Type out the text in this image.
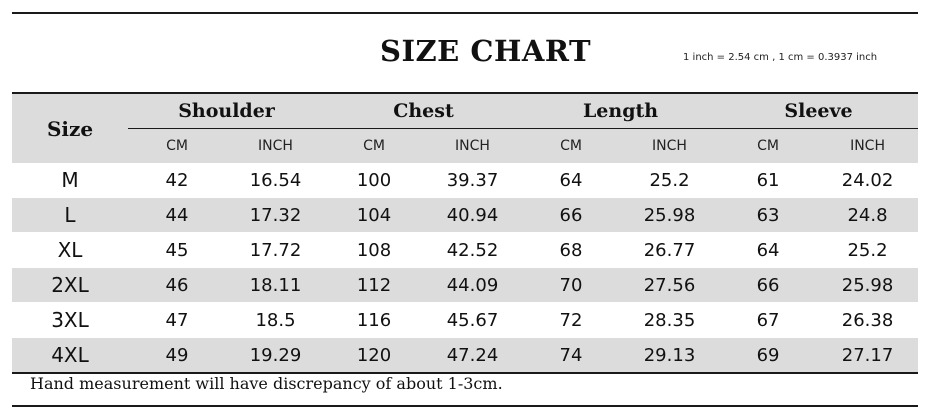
SIZE CHART	1 inch = 2.54 cm , 1 cm = 0.3937 inch
Size	Shoulder		Chest		Length		Sleeve	
	CM	INCH	CM	INCH	CM	INCH	CM	INCH
M	42	16.54	100	39.37	64	25.2	61	24.02
L	44	17.32	104	40.94	66	25.98	63	24.8
XL	45	17.72	108	42.52	68	26.77	64	25.2
2XL	46	18.11	112	44.09	70	27.56	66	25.98
3XL	47	18.5	116	45.67	72	28.35	67	26.38
4XL	49	19.29	120	47.24	74	29.13	69	27.17
Hand measurement will have discrepancy of about 1-3cm.
